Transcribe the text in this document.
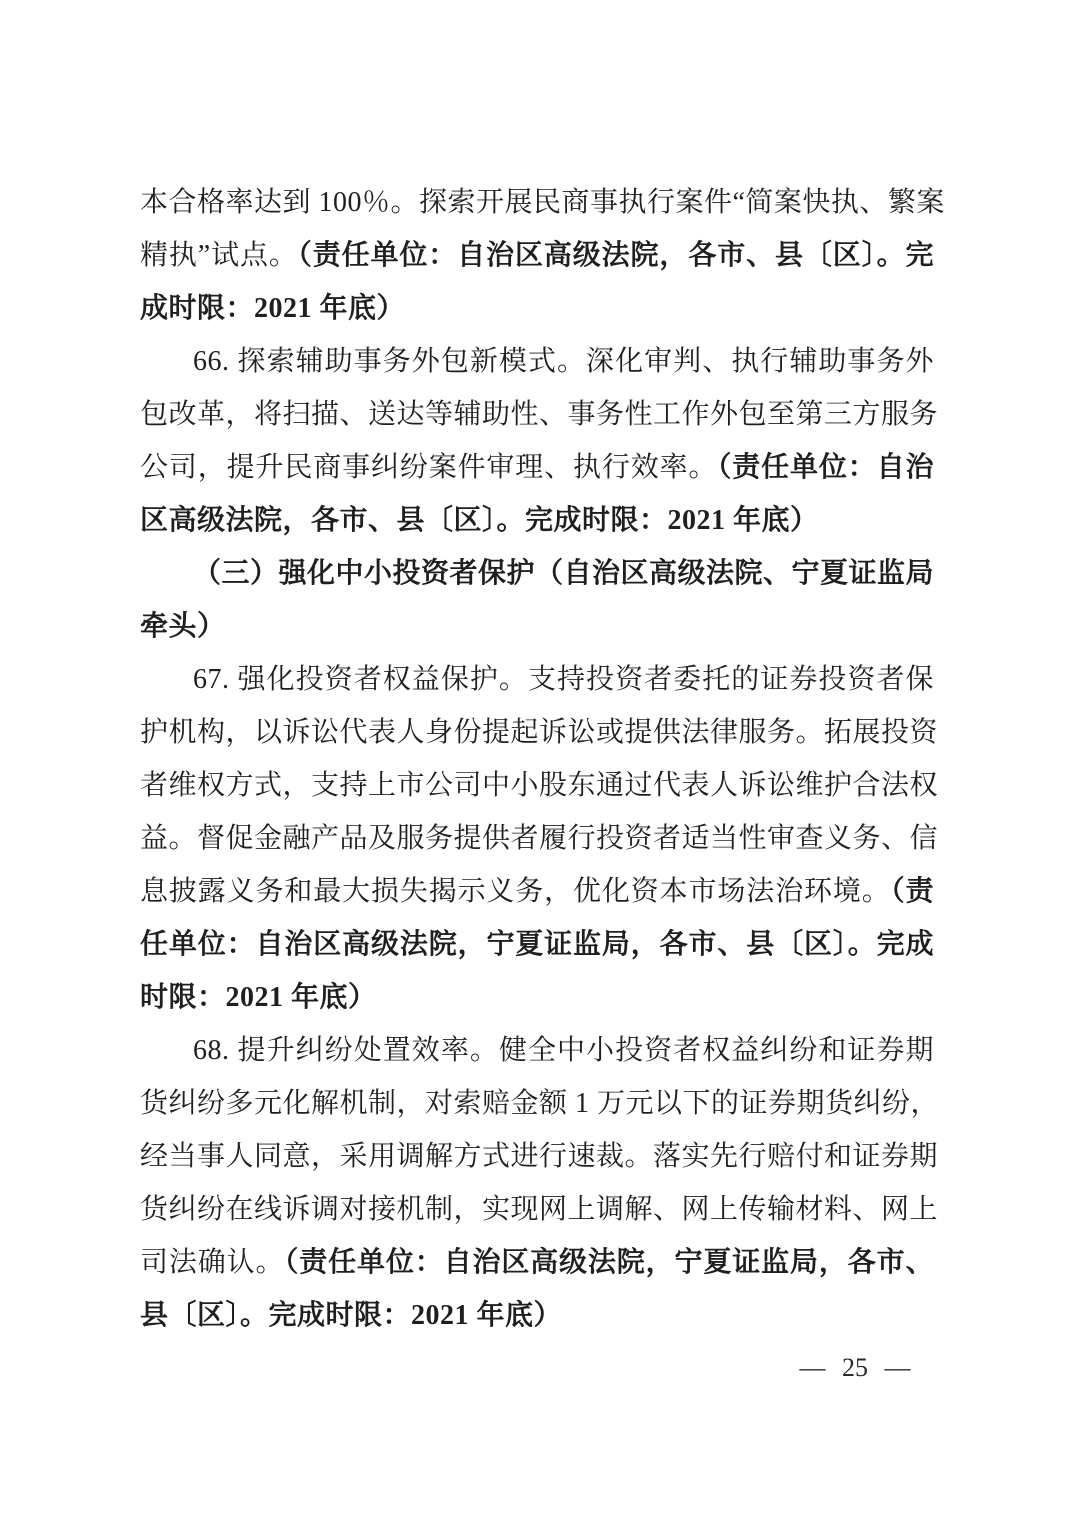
本合格率达到 100％。探索开展民商事执行案件“简案快执、繁案
精执”试点。（责任单位：自治区高级法院，各市、县〔区〕。完
成时限：2021 年底）
66. 探索辅助事务外包新模式。深化审判、执行辅助事务外
包改革，将扫描、送达等辅助性、事务性工作外包至第三方服务
公司，提升民商事纠纷案件审理、执行效率。（责任单位：自治
区高级法院，各市、县〔区〕。完成时限：2021 年底）
（三）强化中小投资者保护（自治区高级法院、宁夏证监局
牵头）
67. 强化投资者权益保护。支持投资者委托的证券投资者保
护机构，以诉讼代表人身份提起诉讼或提供法律服务。拓展投资
者维权方式，支持上市公司中小股东通过代表人诉讼维护合法权
益。督促金融产品及服务提供者履行投资者适当性审查义务、信
息披露义务和最大损失揭示义务，优化资本市场法治环境。（责
任单位：自治区高级法院，宁夏证监局，各市、县〔区〕。完成
时限：2021 年底）
68. 提升纠纷处置效率。健全中小投资者权益纠纷和证券期
货纠纷多元化解机制，对索赔金额 1 万元以下的证券期货纠纷，
经当事人同意，采用调解方式进行速裁。落实先行赔付和证券期
货纠纷在线诉调对接机制，实现网上调解、网上传输材料、网上
司法确认。（责任单位：自治区高级法院，宁夏证监局，各市、
县〔区〕。完成时限：2021 年底）
— 25 —
